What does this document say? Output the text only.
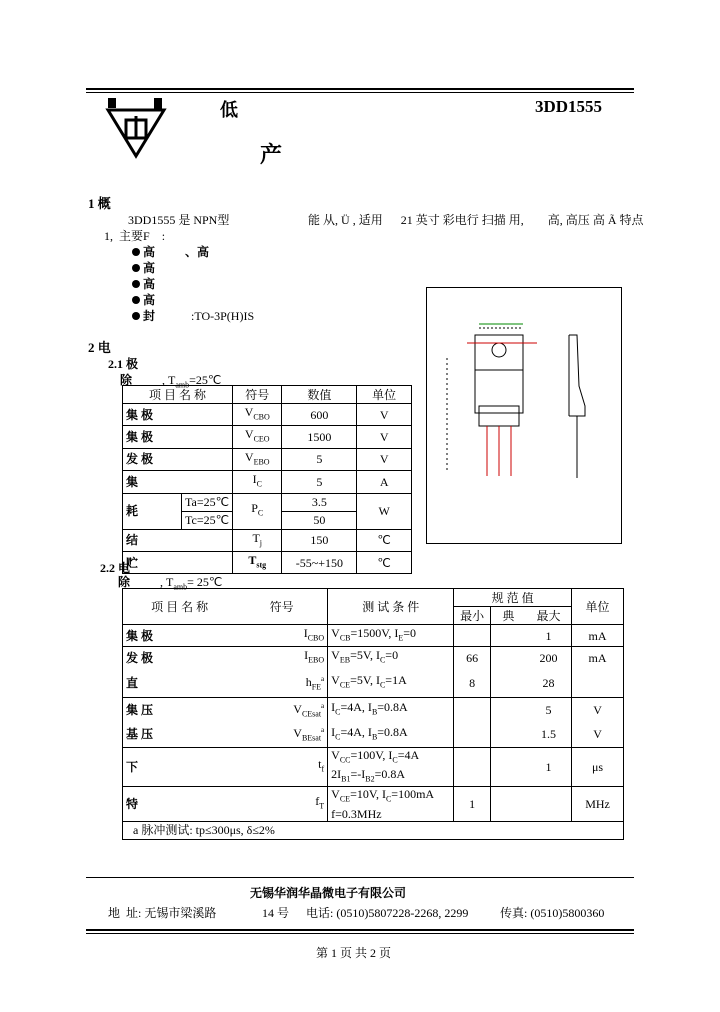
低	3DD1555
产
1 概
3DD1555 是 NPN型	能 从, Ü , 适用 21 英寸 彩电行 扫描 用, 高, 高压 高 Ã 特点
1,  主要F :
高	、高
高
高
高
封	:TO-3P(H)IS
2 电
2.1 极
除          , $T_{amb}=25℃$
项 目 名 称		符号	数值	单位
集 极		$V_{CBO}$	600	V
集 极		$V_{CEO}$	1500	V
发 极		$V_{EBO}$	5	V
集		$I_C$	5	A
耗	Ta=25℃	$P_C$	3.5	W
	Tc=25℃		50	
结		$T_j$	150	℃
贮		$T_{stg}$	-55~+150	℃
2.2 电
除          , $T_{amb}=$ 25℃
项 目 名 称	符号	测 试 条 件	规 范 值			单位
			最小	典	最大	
集 极	$I_{CBO}$	$V_{CB}=1500V$, $I_E=0$			1	mA
发 极	$I_{EBO}$	$V_{EB}=5V$, $I_C=0$	66		200	mA
直	$h_{FE}^a$	$V_{CE}=5V$, $I_C=1A$	8		28	
集 压	$V_{CEsat}^a$	$I_C=4A$, $I_B=0.8A$			5	V
基 压	$V_{BEsat}^a$	$I_C=4A$, $I_B=0.8A$			1.5	V
下	$t_f$	$V_{CC}=100V$, $I_C=4A$
$2I_{B1}=-I_{B2}=0.8A$			1	μs
特	$f_T$	$V_{CE}=10V$, $I_C=100mA$
f=0.3MHz	1			MHz
a 脉冲测试: tp≤300μs, δ≤2%						
无锡华润华晶微电子有限公司
地 址: 无锡市梁溪路	14 号 电话: (0510)5807228-2268, 2299	传真: (0510)5800360
第 1 页 共 2 页
